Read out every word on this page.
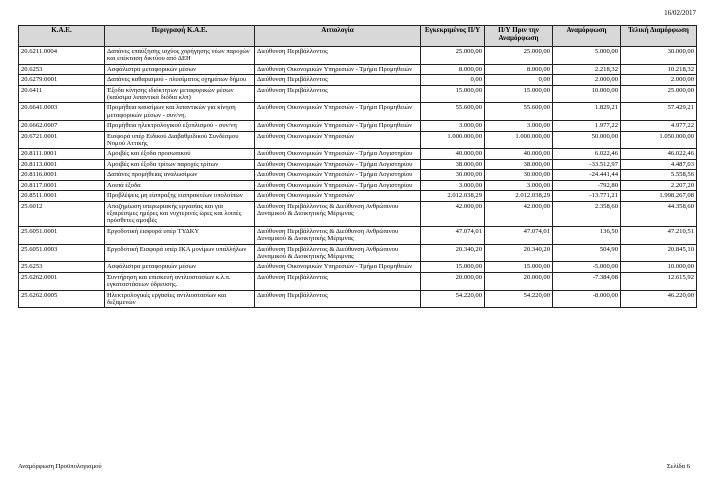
16/02/2017
Κ.Α.Ε.	Περιγραφή Κ.Α.Ε.	Αιτιολογία	Εγκεκριμένος Π/Υ	Π/Υ Πριν την Αναμόρφωση	Αναμόρφωση	Τελική Διαμόρφωση
20.6211.0004	Δαπάνες επαύξησης ισχύος χορήγησης νέων παροχών και επέκταση δικτύου από ΔΕΗ	Διεύθυνση Περιβάλλοντος	25.000,00	25.000,00	5.000,00	30.000,00
20.6253	Ασφάλιστρα μεταφορικών μέσων	Διεύθυνση Οικονομικών Υπηρεσιών - Τμήμα Προμηθειών	8.000,00	8.000,00	2.218,32	10.218,32
20.6279.0001	Δαπάνες καθαρισμού - πλυσίματος οχημάτων δήμου	Διεύθυνση Περιβάλλοντος	0,00	0,00	2.000,00	2.000,00
20.6411	Έξοδα κίνησης ιδιόκτητων μεταφορικών μέσων (καύσιμα λιπαντικά διόδια κλπ)	Διεύθυνση Περιβάλλοντος	15.000,00	15.000,00	10.000,00	25.000,00
20.6641.0003	Προμήθεια καυσίμων και λιπαντικών για κίνηση μεταφορικών μέσων - συν/νη.	Διεύθυνση Οικονομικών Υπηρεσιών - Τμήμα Προμηθειών	55.600,00	55.600,00	1.829,21	57.429,21
20.6662.0007	Προμήθεια ηλεκτρολογικού εξοπλισμού - συν/νη	Διεύθυνση Οικονομικών Υπηρεσιών - Τμήμα Προμηθειών	3.000,00	3.000,00	1.977,22	4.977,22
20.6721.0001	Εισφορά υπέρ Ειδικού Διαβαθμιδικού Συνδέσμου Νομού Αττικής	Διεύθυνση Οικονομικών Υπηρεσιών	1.000.000,00	1.000.000,00	50.000,00	1.050.000,00
20.8111.0001	Αμοιβές και έξοδα προσωπικού	Διεύθυνση Οικονομικών Υπηρεσιών - Τμήμα Λογιστηρίου	40.000,00	40.000,00	6.022,46	46.022,46
20.8113.0001	Αμοιβές και έξοδα τρίτων παροχές τρίτων	Διεύθυνση Οικονομικών Υπηρεσιών - Τμήμα Λογιστηρίου	38.000,00	38.000,00	-33.512,97	4.487,03
20.8116.0001	Δαπάνες προμήθειας αναλωσίμων	Διεύθυνση Οικονομικών Υπηρεσιών - Τμήμα Λογιστηρίου	30.000,00	30.000,00	-24.441,44	5.558,56
20.8117.0001	Λοιπά έξοδα	Διεύθυνση Οικονομικών Υπηρεσιών - Τμήμα Λογιστηρίου	3.000,00	3.000,00	-792,80	2.207,20
20.8511.0001	Προβλέψεις μη είσπραξης εισπρακτέων υπολοίπων	Διεύθυνση Οικονομικών Υπηρεσιών	2.012.038,29	2.012.038,29	-13.771,21	1.998.267,08
25.6012	Αποζημίωση υπερωριακής εργασίας και για εξαιρέσιμες ημέρες και νυχτερινές ώρες και λοιπές πρόσθετες αμοιβές	Διεύθυνση Περιβάλλοντος & Διεύθυνση Ανθρώπινου Δυναμικού & Διοικητικής Μέριμνας	42.000,00	42.000,00	2.358,60	44.358,60
25.6051.0001	Εργοδοτική εισφορά υπέρ ΤΥΔΚΥ	Διεύθυνση Περιβάλλοντος & Διεύθυνση Ανθρώπινου Δυναμικού & Διοικητικής Μέριμνας	47.074,01	47.074,01	136,50	47.210,51
25.6051.0003	Εργοδοτική Εισφορά υπέρ ΙΚΑ μονίμων υπαλλήλων	Διεύθυνση Περιβάλλοντος & Διεύθυνση Ανθρώπινου Δυναμικού & Διοικητικής Μέριμνας	20.340,20	20.340,20	504,90	20.845,10
25.6253	Ασφάλιστρα μεταφορικών μέσων	Διεύθυνση Οικονομικών Υπηρεσιών - Τμήμα Προμηθειών	15.000,00	15.000,00	-5.000,00	10.000,00
25.6262.0001	Συντήρηση και επισκευή αντλιοστασίων κ.λ.π. εγκαταστάσεων ύδρευσης.	Διεύθυνση Περιβάλλοντος	20.000,00	20.000,00	-7.384,08	12.615,92
25.6262.0005	Ηλεκτρολογικές εργασίες αντλιοστασίων και δεξαμενών	Διεύθυνση Περιβάλλοντος	54.220,00	54.220,00	-8.000,00	46.220,00
Αναμόρφωση Προϋπολογισμού	Σελίδα 6
